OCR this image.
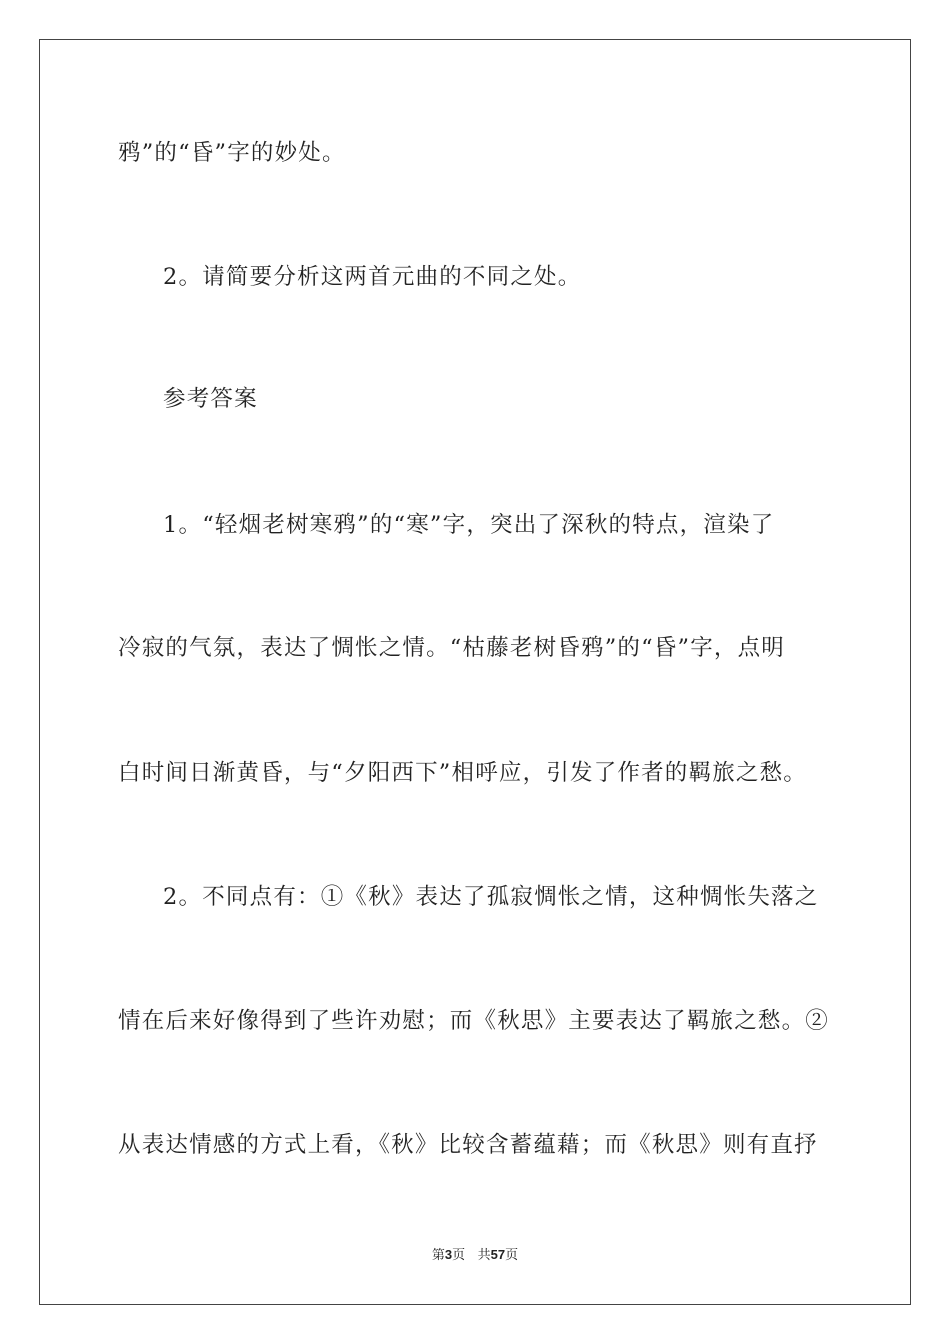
鸦”的“昏”字的妙处。
2。请简要分析这两首元曲的不同之处。
参考答案
1。“轻烟老树寒鸦”的“寒”字，突出了深秋的特点，渲染了
冷寂的气氛，表达了惆怅之情。“枯藤老树昏鸦”的“昏”字，点明
白时间日渐黄昏，与“夕阳西下”相呼应，引发了作者的羁旅之愁。
2。不同点有：①《秋》表达了孤寂惆怅之情，这种惆怅失落之
情在后来好像得到了些许劝慰；而《秋思》主要表达了羁旅之愁。②
从表达情感的方式上看，《秋》比较含蓄蕴藉；而《秋思》则有直抒
第3页 共57页
